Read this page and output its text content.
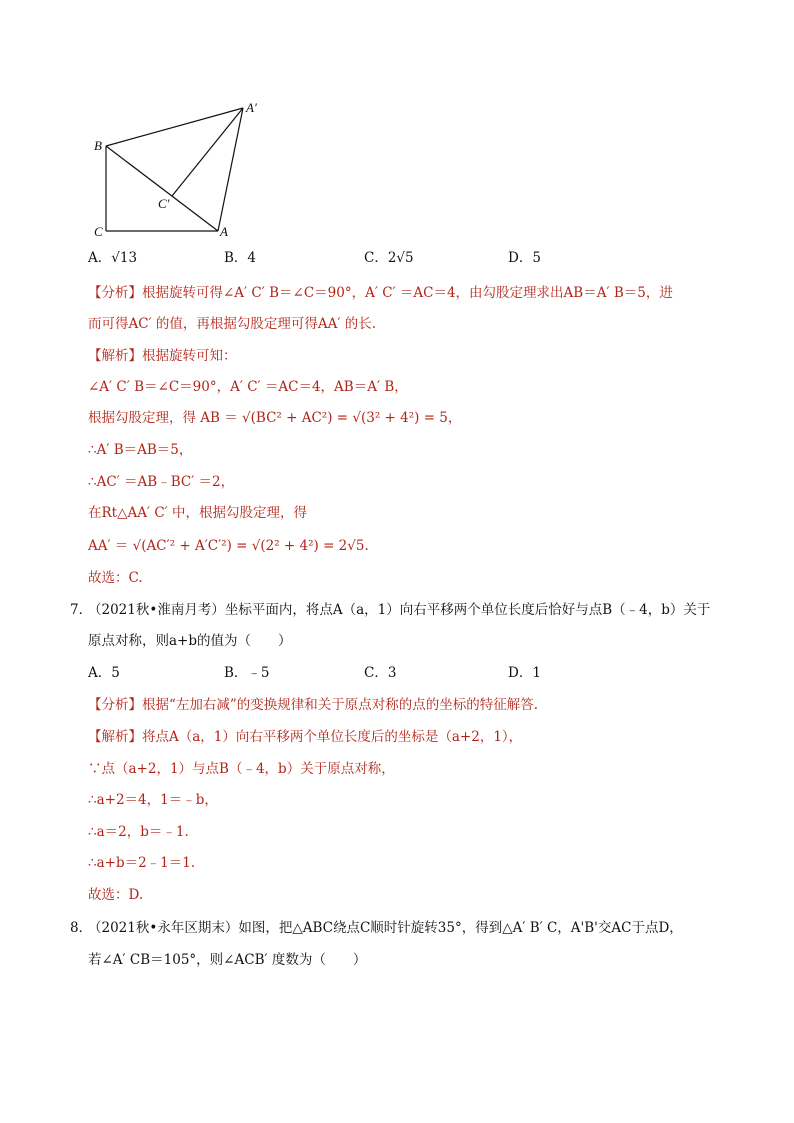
B
A′
C′
C	A
A．√13	B．4	C．2√5	D．5
【分析】根据旋转可得∠A′ C′ B＝∠C＝90°，A′ C′ ＝AC＝4，由勾股定理求出AB＝A′ B＝5，进
而可得AC′ 的值，再根据勾股定理可得AA′ 的长.
【解析】根据旋转可知：
∠A′ C′ B＝∠C＝90°，A′ C′ ＝AC＝4，AB＝A′ B，
根据勾股定理，得 AB ＝ √(BC² + AC²) = √(3² + 4²) = 5，
∴A′ B＝AB＝5，
∴AC′ ＝AB﹣BC′ ＝2，
在Rt△AA′ C′ 中，根据勾股定理，得
AA′ ＝ √(AC′² + A′C′²) = √(2² + 4²) = 2√5.
故选：C.
7．
（2021秋•淮南月考）坐标平面内，将点A（a，1）向右平移两个单位长度后恰好与点B（﹣4，b）关于
原点对称，则a+b的值为（　　）
A．5	B．﹣5	C．3	D．1
【分析】根据“左加右减”的变换规律和关于原点对称的点的坐标的特征解答.
【解析】将点A（a，1）向右平移两个单位长度后的坐标是（a+2，1），
∵点（a+2，1）与点B（﹣4，b）关于原点对称，
∴a+2＝4，1＝﹣b，
∴a＝2，b＝﹣1.
∴a+b＝2﹣1＝1.
故选：D.
8．
（2021秋•永年区期末）如图，把△ABC绕点C顺时针旋转35°，得到△A′ B′ C，A'B'交AC于点D，
若∠A′ CB＝105°，则∠ACB′ 度数为（　　）
